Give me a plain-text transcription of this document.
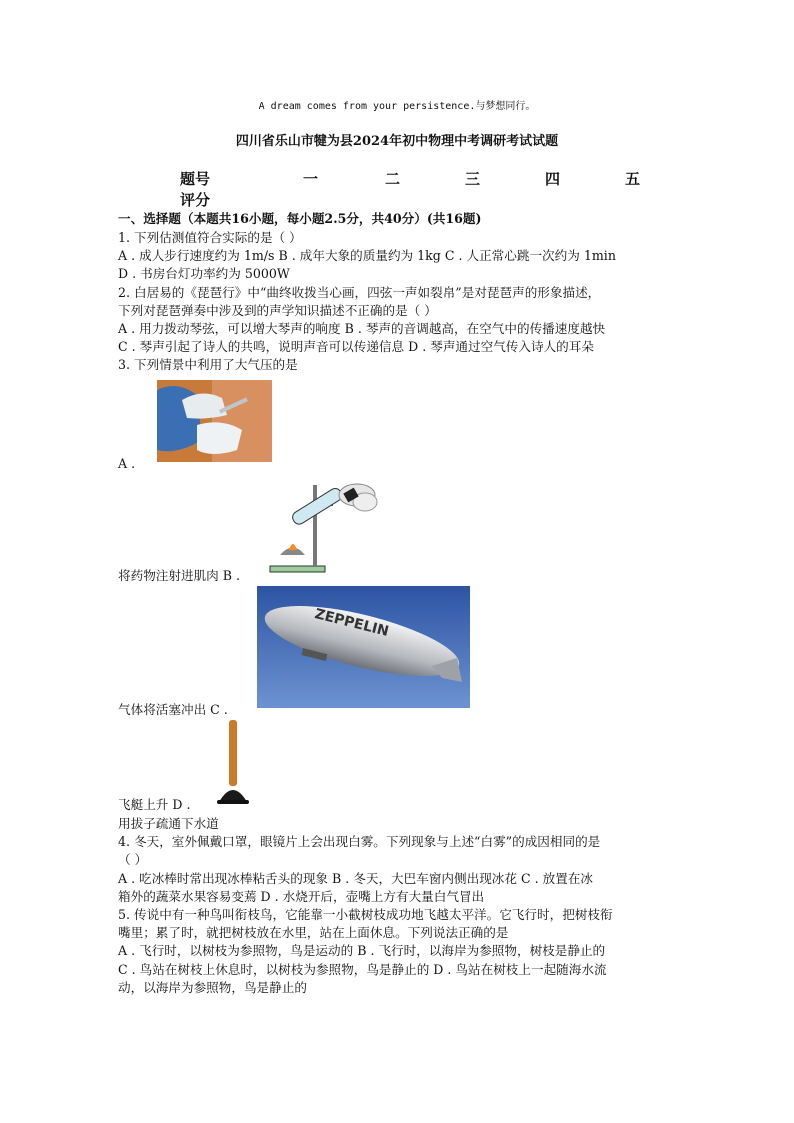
A dream comes from your persistence.与梦想同行。
四川省乐山市犍为县2024年初中物理中考调研考试试题
题号	一	二	三	四	五
评分
一、选择题（本题共16小题，每小题2.5分，共40分）(共16题)
1. 下列估测值符合实际的是（ ）
A . 成人步行速度约为 1m/s B . 成年大象的质量约为 1kg C . 人正常心跳一次约为 1min
D . 书房台灯功率约为 5000W
2. 白居易的《琵琶行》中“曲终收拨当心画，四弦一声如裂帛”是对琵琶声的形象描述，
下列对琵琶弹奏中涉及到的声学知识描述不正确的是（ ）
A . 用力拨动琴弦，可以增大琴声的响度 B . 琴声的音调越高，在空气中的传播速度越快
C . 琴声引起了诗人的共鸣，说明声音可以传递信息 D . 琴声通过空气传入诗人的耳朵
3. 下列情景中利用了大气压的是
A .
将药物注射进肌肉 B .
ZEPPELIN
气体将活塞冲出 C .
飞艇上升 D .
用拔子疏通下水道
4. 冬天，室外佩戴口罩，眼镜片上会出现白雾。下列现象与上述“白雾”的成因相同的是
（ ）
A . 吃冰棒时常出现冰棒粘舌头的现象 B . 冬天，大巴车窗内侧出现冰花 C . 放置在冰
箱外的蔬菜水果容易变蔫 D . 水烧开后，壶嘴上方有大量白气冒出
5. 传说中有一种鸟叫衔枝鸟，它能靠一小截树枝成功地飞越太平洋。它飞行时，把树枝衔
嘴里；累了时，就把树枝放在水里，站在上面休息。下列说法正确的是
A . 飞行时，以树枝为参照物，鸟是运动的 B . 飞行时，以海岸为参照物，树枝是静止的
C . 鸟站在树枝上休息时，以树枝为参照物，鸟是静止的 D . 鸟站在树枝上一起随海水流
动，以海岸为参照物，鸟是静止的
